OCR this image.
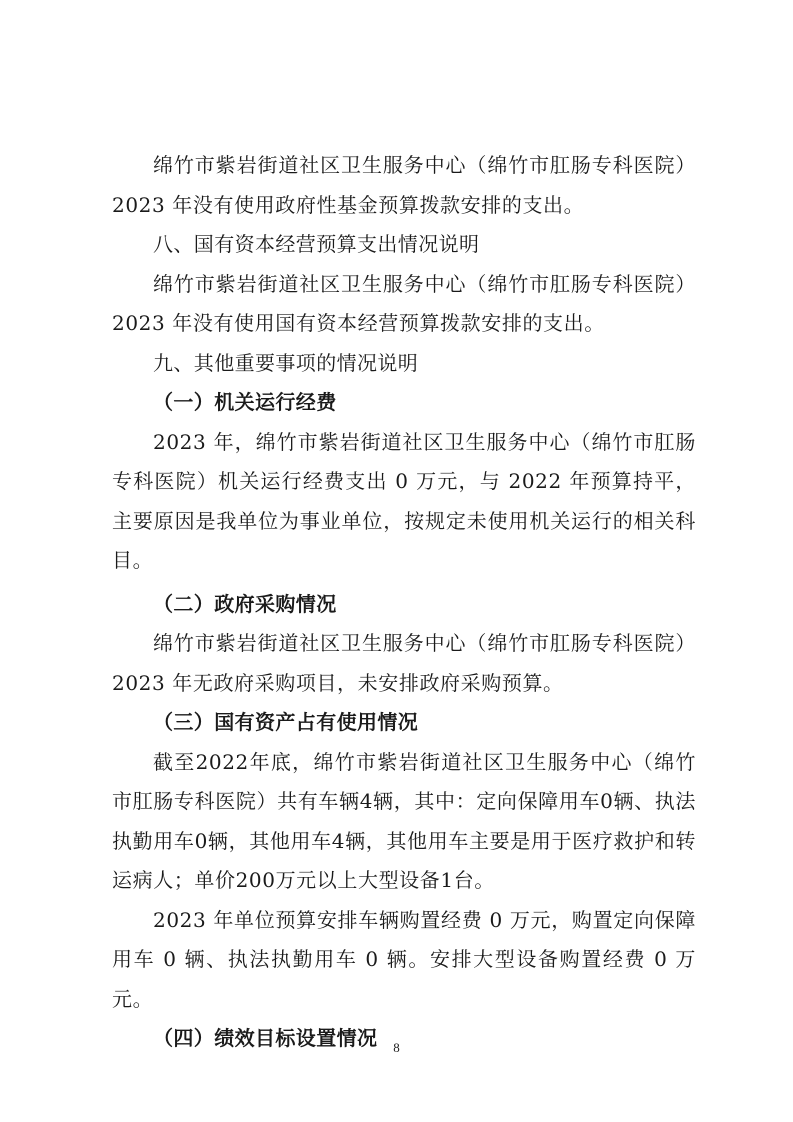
绵竹市紫岩街道社区卫生服务中心（绵竹市肛肠专科医院）2023 年没有使用政府性基金预算拨款安排的支出。

八、国有资本经营预算支出情况说明

绵竹市紫岩街道社区卫生服务中心（绵竹市肛肠专科医院）2023 年没有使用国有资本经营预算拨款安排的支出。

九、其他重要事项的情况说明

（一）机关运行经费

2023 年，绵竹市紫岩街道社区卫生服务中心（绵竹市肛肠专科医院）机关运行经费支出 0 万元，与 2022 年预算持平，主要原因是我单位为事业单位，按规定未使用机关运行的相关科目。

（二）政府采购情况

绵竹市紫岩街道社区卫生服务中心（绵竹市肛肠专科医院）2023 年无政府采购项目，未安排政府采购预算。

（三）国有资产占有使用情况

截至2022年底，绵竹市紫岩街道社区卫生服务中心（绵竹市肛肠专科医院）共有车辆4辆，其中：定向保障用车0辆、执法执勤用车0辆，其他用车4辆，其他用车主要是用于医疗救护和转运病人；单价200万元以上大型设备1台。

2023 年单位预算安排车辆购置经费 0 万元，购置定向保障用车 0 辆、执法执勤用车 0 辆。安排大型设备购置经费 0 万元。

（四）绩效目标设置情况	8
